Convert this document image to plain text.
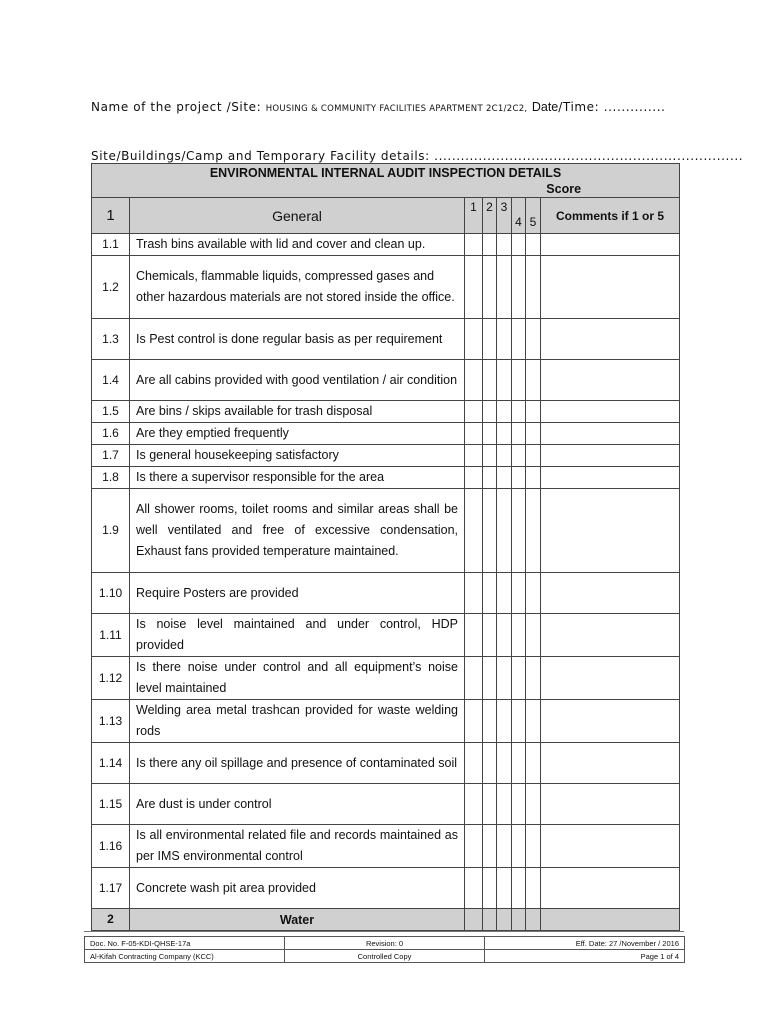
Name of the project /Site: HOUSING & COMMUNITY FACILITIES APARTMENT 2C1/2C2, Date/Time: ..............
Site/Buildings/Camp and Temporary Facility details: ......................................................................
ENVIRONMENTAL INTERNAL AUDIT INSPECTION DETAILS							
Score							
1	General	1	2	3	4	5	Comments if 1 or 5
1.1	Trash bins available with lid and cover and clean up.						
1.2	Chemicals, flammable liquids, compressed gases and other hazardous materials are not stored inside the office.						
1.3	Is Pest control is done regular basis as per requirement						
1.4	Are all cabins provided with good ventilation / air condition						
1.5	Are bins / skips available for trash disposal						
1.6	Are they emptied frequently						
1.7	Is general housekeeping satisfactory						
1.8	Is there a supervisor responsible for the area						
1.9	All shower rooms, toilet rooms and similar areas shall be well ventilated and free of excessive condensation, Exhaust fans provided temperature maintained.						
1.10	Require Posters are provided						
1.11	Is noise level maintained and under control, HDP provided						
1.12	Is there noise under control and all equipment’s noise level maintained						
1.13	Welding area metal trashcan provided for waste welding rods						
1.14	Is there any oil spillage and presence of contaminated soil						
1.15	Are dust is under control						
1.16	Is all environmental related file and records maintained as per IMS environmental control						
1.17	Concrete wash pit area provided						
2	Water						
Doc. No. F-05-KDI-QHSE-17a	Revision: 0	Eff. Date: 27 /November / 2016
Al-Kifah Contracting Company (KCC)	Controlled Copy	Page 1 of 4
